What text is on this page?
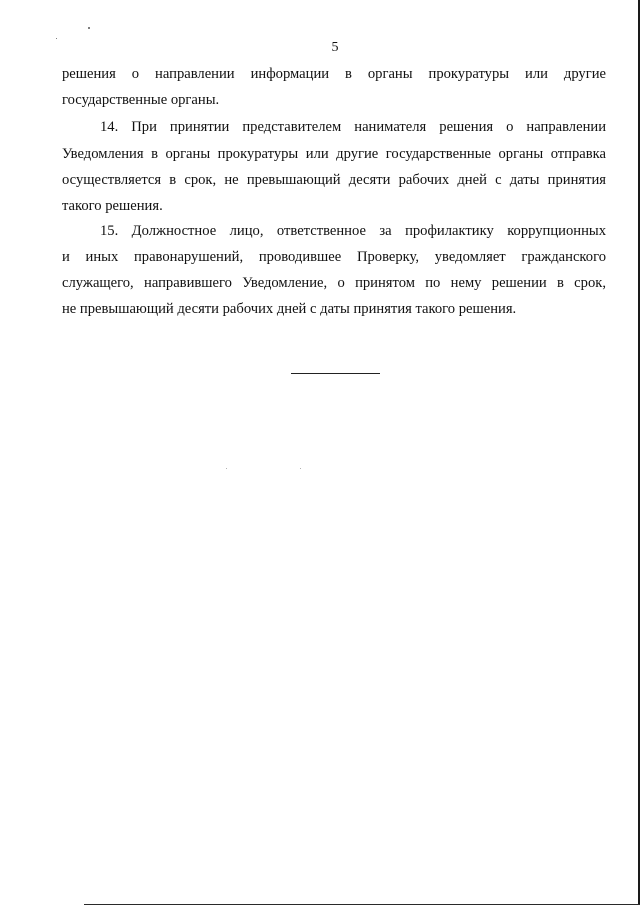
5
решения о направлении информации в органы прокуратуры или другие
государственные органы.
14. При принятии представителем нанимателя решения о направлении
Уведомления в органы прокуратуры или другие государственные органы отправка
осуществляется в срок, не превышающий десяти рабочих дней с даты принятия
такого решения.
15. Должностное лицо, ответственное за профилактику коррупционных
и иных правонарушений, проводившее Проверку, уведомляет гражданского
служащего, направившего Уведомление, о принятом по нему решении в срок,
не превышающий десяти рабочих дней с даты принятия такого решения.
